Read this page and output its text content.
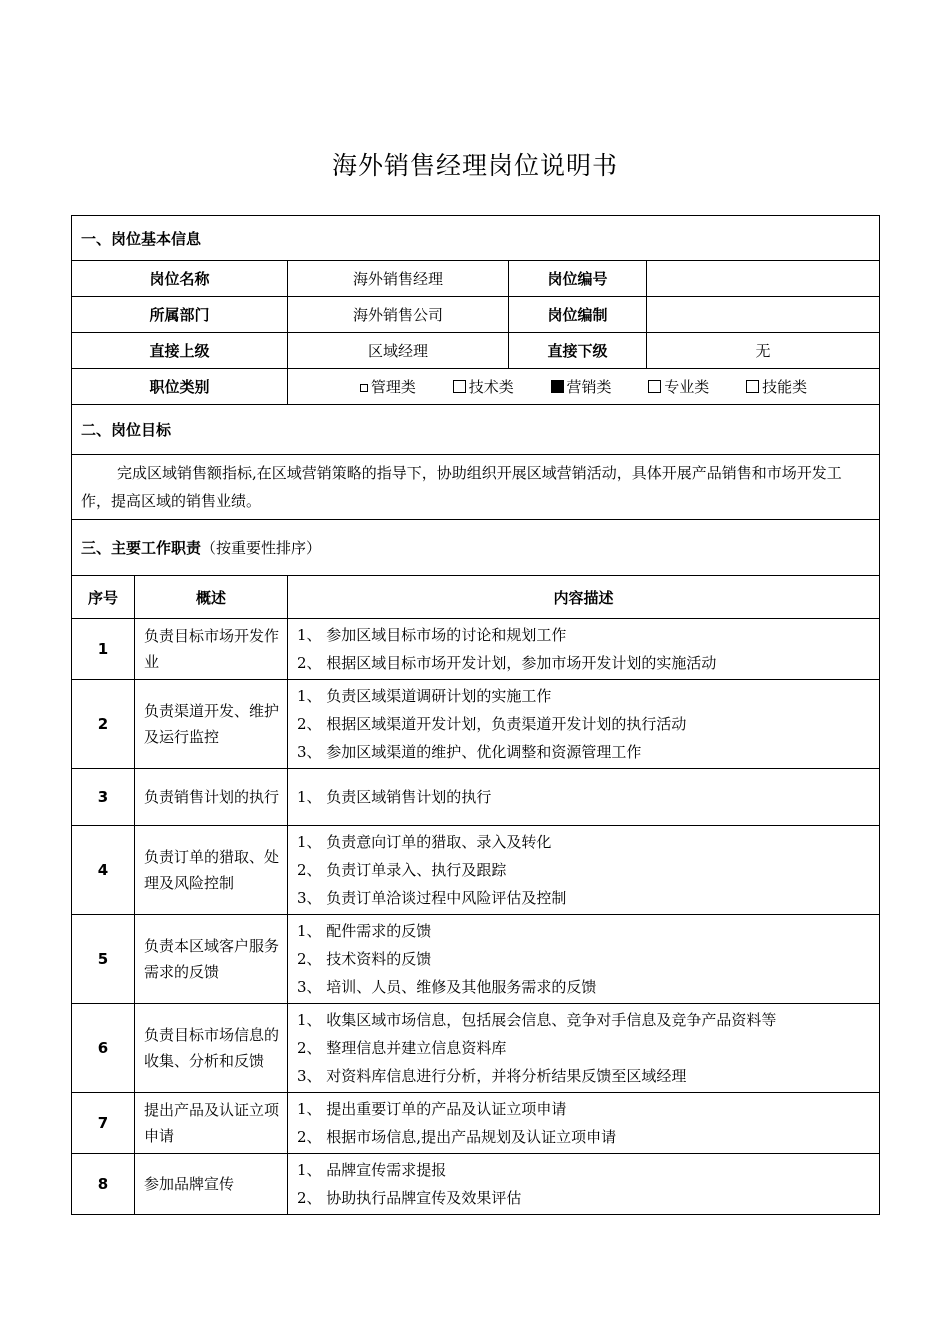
海外销售经理岗位说明书
一、岗位基本信息				
岗位名称		海外销售经理	岗位编号	
所属部门		海外销售公司	岗位编制	
直接上级		区域经理	直接下级	无
职位类别		管理类 技术类 营销类 专业类 技能类		
二、岗位目标				
完成区域销售额指标,在区域营销策略的指导下，协助组织开展区域营销活动，具体开展产品销售和市场开发工作，提高区域的销售业绩。				
三、主要工作职责（按重要性排序）				
序号	概述	内容描述		
1	负责目标市场开发作业	1、 参加区域目标市场的讨论和规划工作
2、 根据区域目标市场开发计划，参加市场开发计划的实施活动		

2	负责渠道开发、维护及运行监控	1、 负责区域渠道调研计划的实施工作
2、 根据区域渠道开发计划，负责渠道开发计划的执行活动
3、 参加区域渠道的维护、优化调整和资源管理工作		

3	负责销售计划的执行	1、 负责区域销售计划的执行		

4	负责订单的猎取、处理及风险控制	1、 负责意向订单的猎取、录入及转化
2、 负责订单录入、执行及跟踪
3、 负责订单洽谈过程中风险评估及控制		

5	负责本区域客户服务需求的反馈	1、 配件需求的反馈
2、 技术资料的反馈
3、 培训、人员、维修及其他服务需求的反馈		

6	负责目标市场信息的收集、分析和反馈	1、 收集区域市场信息，包括展会信息、竞争对手信息及竞争产品资料等
2、 整理信息并建立信息资料库
3、 对资料库信息进行分析，并将分析结果反馈至区域经理		

7	提出产品及认证立项申请	1、 提出重要订单的产品及认证立项申请
2、 根据市场信息,提出产品规划及认证立项申请		

8	参加品牌宣传	1、 品牌宣传需求提报
2、 协助执行品牌宣传及效果评估		
